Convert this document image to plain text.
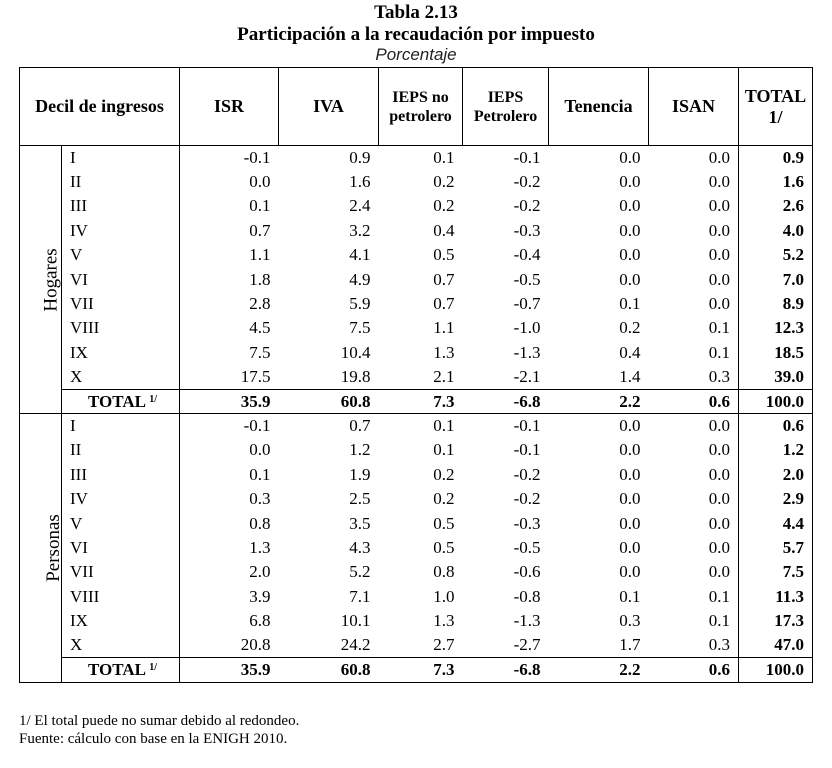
Tabla 2.13
Participación a la recaudación por impuesto
Porcentaje
Decil de ingresos		ISR	IVA	IEPS no petrolero	IEPS Petrolero	Tenencia	ISAN	TOTAL 1/
Hogares	I	-0.1	0.9	0.1	-0.1	0.0	0.0	0.9
	II	0.0	1.6	0.2	-0.2	0.0	0.0	1.6
	III	0.1	2.4	0.2	-0.2	0.0	0.0	2.6
	IV	0.7	3.2	0.4	-0.3	0.0	0.0	4.0
	V	1.1	4.1	0.5	-0.4	0.0	0.0	5.2
	VI	1.8	4.9	0.7	-0.5	0.0	0.0	7.0
	VII	2.8	5.9	0.7	-0.7	0.1	0.0	8.9
	VIII	4.5	7.5	1.1	-1.0	0.2	0.1	12.3
	IX	7.5	10.4	1.3	-1.3	0.4	0.1	18.5
	X	17.5	19.8	2.1	-2.1	1.4	0.3	39.0
	TOTAL $^{1/}$	35.9	60.8	7.3	-6.8	2.2	0.6	100.0
Personas	I	-0.1	0.7	0.1	-0.1	0.0	0.0	0.6
	II	0.0	1.2	0.1	-0.1	0.0	0.0	1.2
	III	0.1	1.9	0.2	-0.2	0.0	0.0	2.0
	IV	0.3	2.5	0.2	-0.2	0.0	0.0	2.9
	V	0.8	3.5	0.5	-0.3	0.0	0.0	4.4
	VI	1.3	4.3	0.5	-0.5	0.0	0.0	5.7
	VII	2.0	5.2	0.8	-0.6	0.0	0.0	7.5
	VIII	3.9	7.1	1.0	-0.8	0.1	0.1	11.3
	IX	6.8	10.1	1.3	-1.3	0.3	0.1	17.3
	X	20.8	24.2	2.7	-2.7	1.7	0.3	47.0
	TOTAL $^{1/}$	35.9	60.8	7.3	-6.8	2.2	0.6	100.0
1/ El total puede no sumar debido al redondeo.
Fuente: cálculo con base en la ENIGH 2010.
